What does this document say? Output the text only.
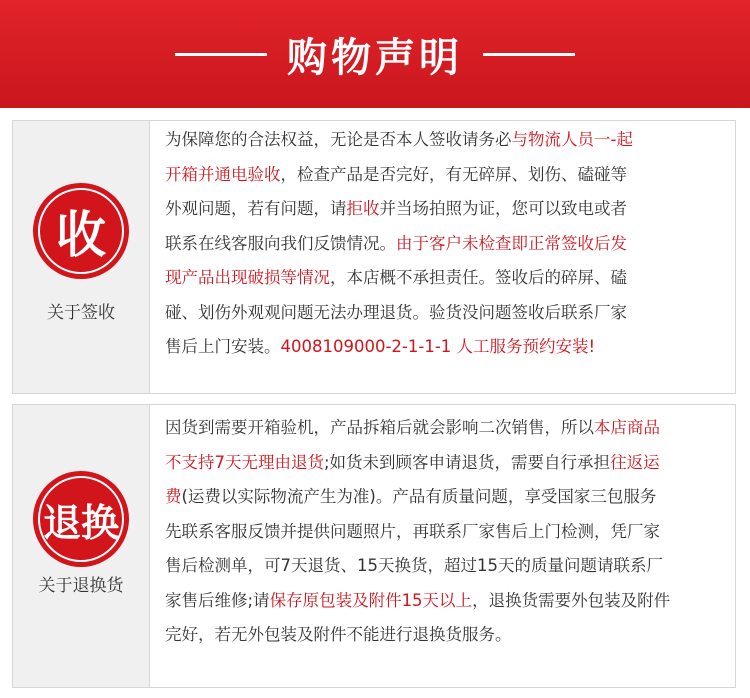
购物声明
收
关于签收
为保障您的合法权益，无论是否本人签收请务必与物流人员一-起
开箱并通电验收，检查产品是否完好，有无碎屏、划伤、磕碰等
外观问题，若有问题，请拒收并当场拍照为证，您可以致电或者
联系在线客服向我们反馈情况。由于客户未检查即正常签收后发
现产品出现破损等情况，本店概不承担责任。签收后的碎屏、磕
碰、划伤外观观问题无法办理退货。验货没问题签收后联系厂家
售后上门安装。4008109000-2-1-1-1 人工服务预约安装!
退换
关于退换货
因货到需要开箱验机，产品拆箱后就会影响二次销售，所以本店商品
不支持7天无理由退货;如货未到顾客申请退货，需要自行承担往返运
费(运费以实际物流产生为准)。产品有质量问题，享受国家三包服务
先联系客服反馈并提供问题照片，再联系厂家售后上门检测，凭厂家
售后检测单，可7天退货、15天换货，超过15天的质量问题请联系厂
家售后维修;请保存原包装及附件15天以上，退换货需要外包装及附件
完好，若无外包装及附件不能进行退换货服务。
